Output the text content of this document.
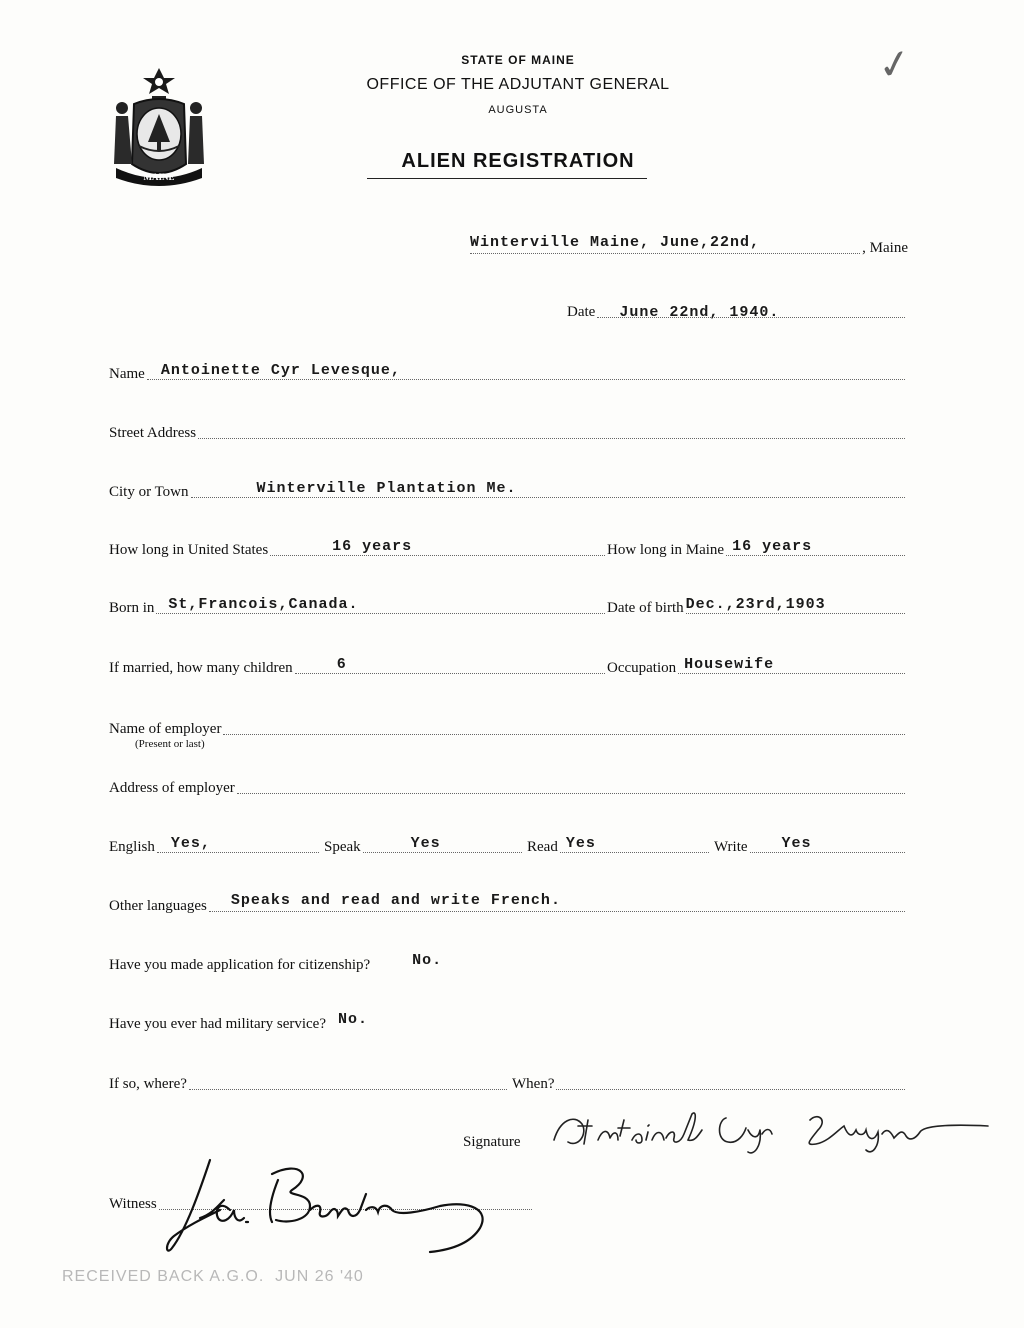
MAINE
STATE OF MAINE
OFFICE OF THE ADJUTANT GENERAL
AUGUSTA
ALIEN REGISTRATION
✓
Winterville Maine, June,22nd,	, Maine
Date June 22nd, 1940.
Name Antoinette Cyr Levesque,
Street Address
City or Town	Winterville Plantation Me.
How long in United States	16 years	How long in Maine 16 years
Born in St,Francois,Canada.	Date of birth Dec.,23rd,1903
If married, how many children	6	Occupation Housewife
Name of employer
(Present or last)
Address of employer
English Yes,	Speak	Yes	Read Yes	Write Yes
Other languages Speaks and read and write French.
Have you made application for citizenship?	No.
Have you ever had military service? No.
If so, where?	When?
Signature
Witness
RECEIVED BACK A.G.O.  JUN 26 '40
